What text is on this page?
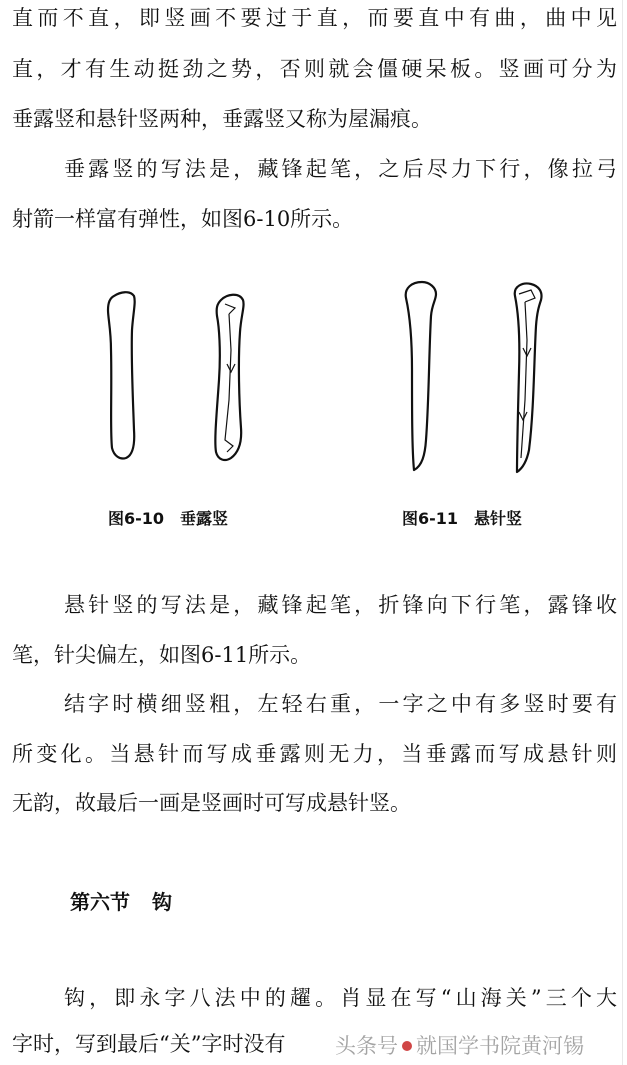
直而不直，即竖画不要过于直，而要直中有曲，曲中见
直，才有生动挺劲之势，否则就会僵硬呆板。竖画可分为
垂露竖和悬针竖两种，垂露竖又称为屋漏痕。
垂露竖的写法是，藏锋起笔，之后尽力下行，像拉弓
射箭一样富有弹性，如图6-10所示。
图6-10 垂露竖	图6-11 悬针竖
悬针竖的写法是，藏锋起笔，折锋向下行笔，露锋收
笔，针尖偏左，如图6-11所示。
结字时横细竖粗，左轻右重，一字之中有多竖时要有
所变化。当悬针而写成垂露则无力，当垂露而写成悬针则
无韵，故最后一画是竖画时可写成悬针竖。
第六节 钩
钩，即永字八法中的趯。肖显在写“山海关”三个大
字时，写到最后“关”字时没有	头条号 就国学书院黄河锡
